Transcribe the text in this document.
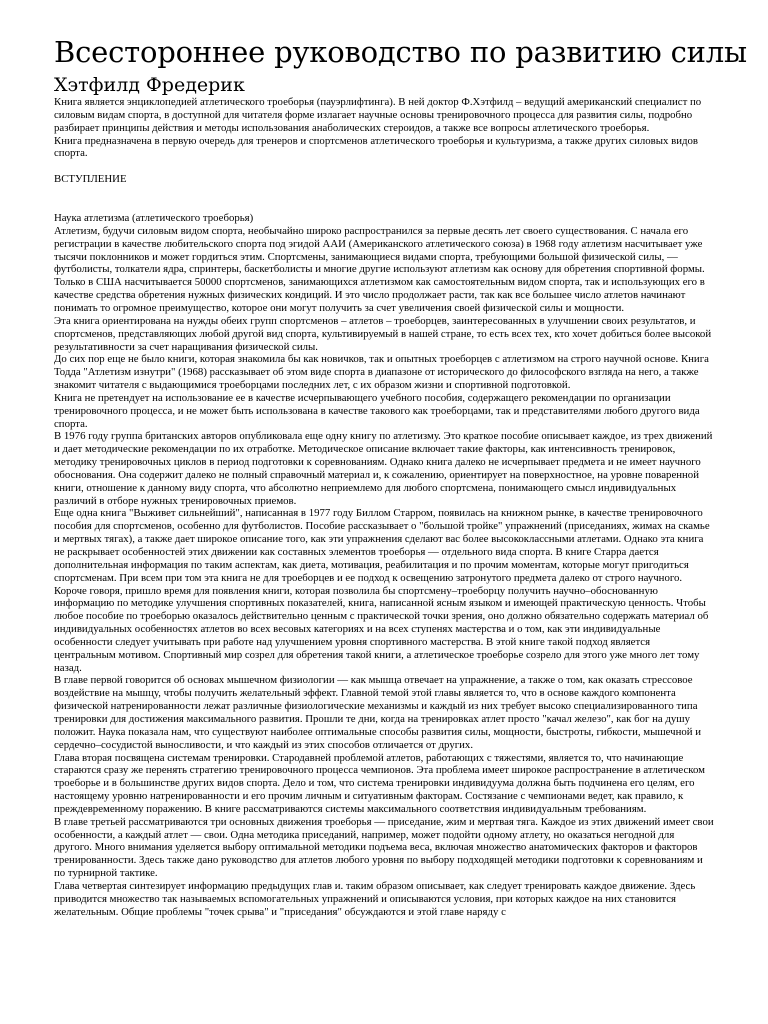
Всестороннее руководство по развитию силы
Хэтфилд Фредерик

Книга является энциклопедией атлетического троеборья (пауэрлифтинга). В ней доктор Ф.Хэтфилд – ведущий американский специалист по силовым видам спорта, в доступной для читателя форме излагает научные основы тренировочного процесса для развития силы, подробно разбирает принципы действия и методы использования анаболических стероидов, а также все вопросы атлетического троеборья.

Книга предназначена в первую очередь для тренеров и спортсменов атлетического троеборья и культуризма, а также других силовых видов спорта.

ВСТУПЛЕНИЕ

Наука атлетизма (атлетического троеборья)

Атлетизм, будучи силовым видом спорта, необычайно широко распространился за первые десять лет своего существования. С начала его регистрации в качестве любительского спорта под эгидой ААИ (Американского атлетического союза) в 1968 году атлетизм насчитывает уже тысячи поклонников и может гордиться этим. Спортсмены, занимающиеся видами спорта, требующими большой физической силы, — футболисты, толкатели ядра, спринтеры, баскетболисты и многие другие используют атлетизм как основу для обретения спортивной формы. Только в США насчитывается 50000 спортсменов, занимающихся атлетизмом как самостоятельным видом спорта, так и использующих его в качестве средства обретения нужных физических кондиций. И это число продолжает расти, так как все большее число атлетов начинают понимать то огромное преимущество, которое они могут получить за счет увеличения своей физической силы и мощности.

Эта книга ориентирована на нужды обеих групп спортсменов – атлетов – троеборцев, заинтересованных в улучшении своих результатов, и спортсменов, представляющих любой другой вид спорта, культивируемый в нашей стране, то есть всех тех, кто хочет добиться более высокой результативности за счет наращивания физической силы.

До сих пор еще не было книги, которая знакомила бы как новичков, так и опытных троеборцев с атлетизмом на строго научной основе. Книга Тодда "Атлетизм изнутри" (1968) рассказывает об этом виде спорта в диапазоне от исторического до философского взгляда на него, а также знакомит читателя с выдающимися троеборцами последних лет, с их образом жизни и спортивной подготовкой.

Книга не претендует на использование ее в качестве исчерпывающего учебного пособия, содержащего рекомендации по организации тренировочного процесса, и не может быть использована в качестве такового как троеборцами, так и представителями любого другого вида спорта.

В 1976 году группа британских авторов опубликовала еще одну книгу по атлетизму. Это краткое пособие описывает каждое, из трех движений и дает методические рекомендации по их отработке. Методическое описание включает такие факторы, как интенсивность тренировок, методику тренировочных циклов в период подготовки к соревнованиям. Однако книга далеко не исчерпывает предмета и не имеет научного обоснования. Она содержит далеко не полный справочный материал и, к сожалению, ориентирует на поверхностное, на уровне поваренной книги, отношение к данному виду спорта, что абсолютно неприемлемо для любого спортсмена, понимающего смысл индивидуальных различий в отборе нужных тренировочных приемов.

Еще одна книга "Выживет сильнейший", написанная в 1977 году Биллом Старром, появилась на книжном рынке, в качестве тренировочного пособия для спортсменов, особенно для футболистов. Пособие рассказывает о "большой тройке" упражнений (приседаниях, жимах на скамье и мертвых тягах), а также дает широкое описание того, как эти упражнения сделают вас более высококлассными атлетами. Однако эта книга не раскрывает особенностей этих движении как составных элементов троеборья — отдельного вида спорта. В книге Старра дается дополнительная информация по таким аспектам, как диета, мотивация, реабилитация и по прочим моментам, которые могут пригодиться спортсменам. При всем при том эта книга не для троеборцев и ее подход к освещению затронутого предмета далеко от строго научного.

Короче говоря, пришло время для появления книги, которая позволила бы спортсмену–троеборцу получить научно–обоснованную информацию по методике улучшения спортивных показателей, книга, написанной ясным языком и имеющей практическую ценность. Чтобы любое пособие по троеборью оказалось действительно ценным с практической точки зрения, оно должно обязательно содержать материал об индивидуальных особенностях атлетов во всех весовых категориях и на всех ступенях мастерства и о том, как эти индивидуальные особенности следует учитывать при работе над улучшением уровня спортивного мастерства. В этой книге такой подход является центральным мотивом. Спортивный мир созрел для обретения такой книги, а атлетическое троеборье созрело для этого уже много лет тому назад.

В главе первой говорится об основах мышечном физиологии — как мышца отвечает на упражнение, а также о том, как оказать стрессовое воздействие на мышцу, чтобы получить желательный эффект. Главной темой этой главы является то, что в основе каждого компонента физической натренированности лежат различные физиологические механизмы и каждый из них требует высоко специализированного типа тренировки для достижения максимального развития. Прошли те дни, когда на тренировках атлет просто "качал железо", как бог на душу положит. Наука показала нам, что существуют наиболее оптимальные способы развития силы, мощности, быстроты, гибкости, мышечной и сердечно–сосудистой выносливости, и что каждый из этих способов отличается от других.

Глава вторая посвящена системам тренировки. Стародавней проблемой атлетов, работающих с тяжестями, является то, что начинающие стараются сразу же перенять стратегию тренировочного процесса чемпионов. Эта проблема имеет широкое распространение в атлетическом троеборье и в большинстве других видов спорта. Дело и том, что система тренировки индивидуума должна быть подчинена его целям, его настоящему уровню натренированности и его прочим личным и ситуативным факторам. Состязание с чемпионами ведет, как правило, к преждевременному поражению. В книге рассматриваются системы максимального соответствия индивидуальным требованиям.

В главе третьей рассматриваются три основных движения троеборья — приседание, жим и мертвая тяга. Каждое из этих движений имеет свои особенности, а каждый атлет — свои. Одна методика приседаний, например, может подойти одному атлету, но оказаться негодной для другого. Много внимания уделяется выбору оптимальной методики подъема веса, включая множество анатомических факторов и факторов тренированности. Здесь также дано руководство для атлетов любого уровня по выбору подходящей методики подготовки к соревнованиям и по турнирной тактике.

Глава четвертая синтезирует информацию предыдущих глав и. таким образом описывает, как следует тренировать каждое движение. Здесь приводится множество так называемых вспомогательных упражнений и описываются условия, при которых каждое на них становится желательным. Общие проблемы "точек срыва" и "приседания" обсуждаются и этой главе наряду с
